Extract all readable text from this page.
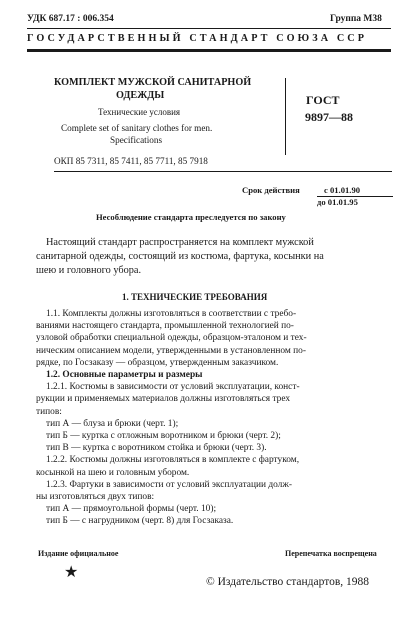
УДК 687.17 : 006.354	Группа М38
ГОСУДАРСТВЕННЫЙ СТАНДАРТ СОЮЗА ССР
КОМПЛЕКТ МУЖСКОЙ САНИТАРНОЙ
ОДЕЖДЫ
Технические условия
Complete set of sanitary clothes for men.
Specifications
ГОСТ
9897—88
ОКП 85 7311, 85 7411, 85 7711, 85 7918
Срок действия	с 01.01.90
до 01.01.95
Несоблюдение стандарта преследуется по закону
Настоящий стандарт распространяется на комплект мужской
санитарной одежды, состоящий из костюма, фартука, косынки на
шею и головного убора.
1. ТЕХНИЧЕСКИЕ ТРЕБОВАНИЯ
1.1. Комплекты должны изготовляться в соответствии с требо-
ваниями настоящего стандарта, промышленной технологией по-
узловой обработки специальной одежды, образцом-эталоном и тех-
ническим описанием модели, утвержденными в установленном по-
рядке, по Госзаказу — образцом, утвержденным заказчиком.
1.2. Основные параметры и размеры
1.2.1. Костюмы в зависимости от условий эксплуатации, конст-
рукции и применяемых материалов должны изготовляться трех
типов:
тип А — блуза и брюки (черт. 1);
тип Б — куртка с отложным воротником и брюки (черт. 2);
тип В — куртка с воротником стойка и брюки (черт. 3).
1.2.2. Костюмы должны изготовляться в комплекте с фартуком,
косынкой на шею и головным убором.
1.2.3. Фартуки в зависимости от условий эксплуатации долж-
ны изготовляться двух типов:
тип А — прямоугольной формы (черт. 10);
тип Б — с нагрудником (черт. 8) для Госзаказа.
Издание официальное	Перепечатка воспрещена
★
© Издательство стандартов, 1988
